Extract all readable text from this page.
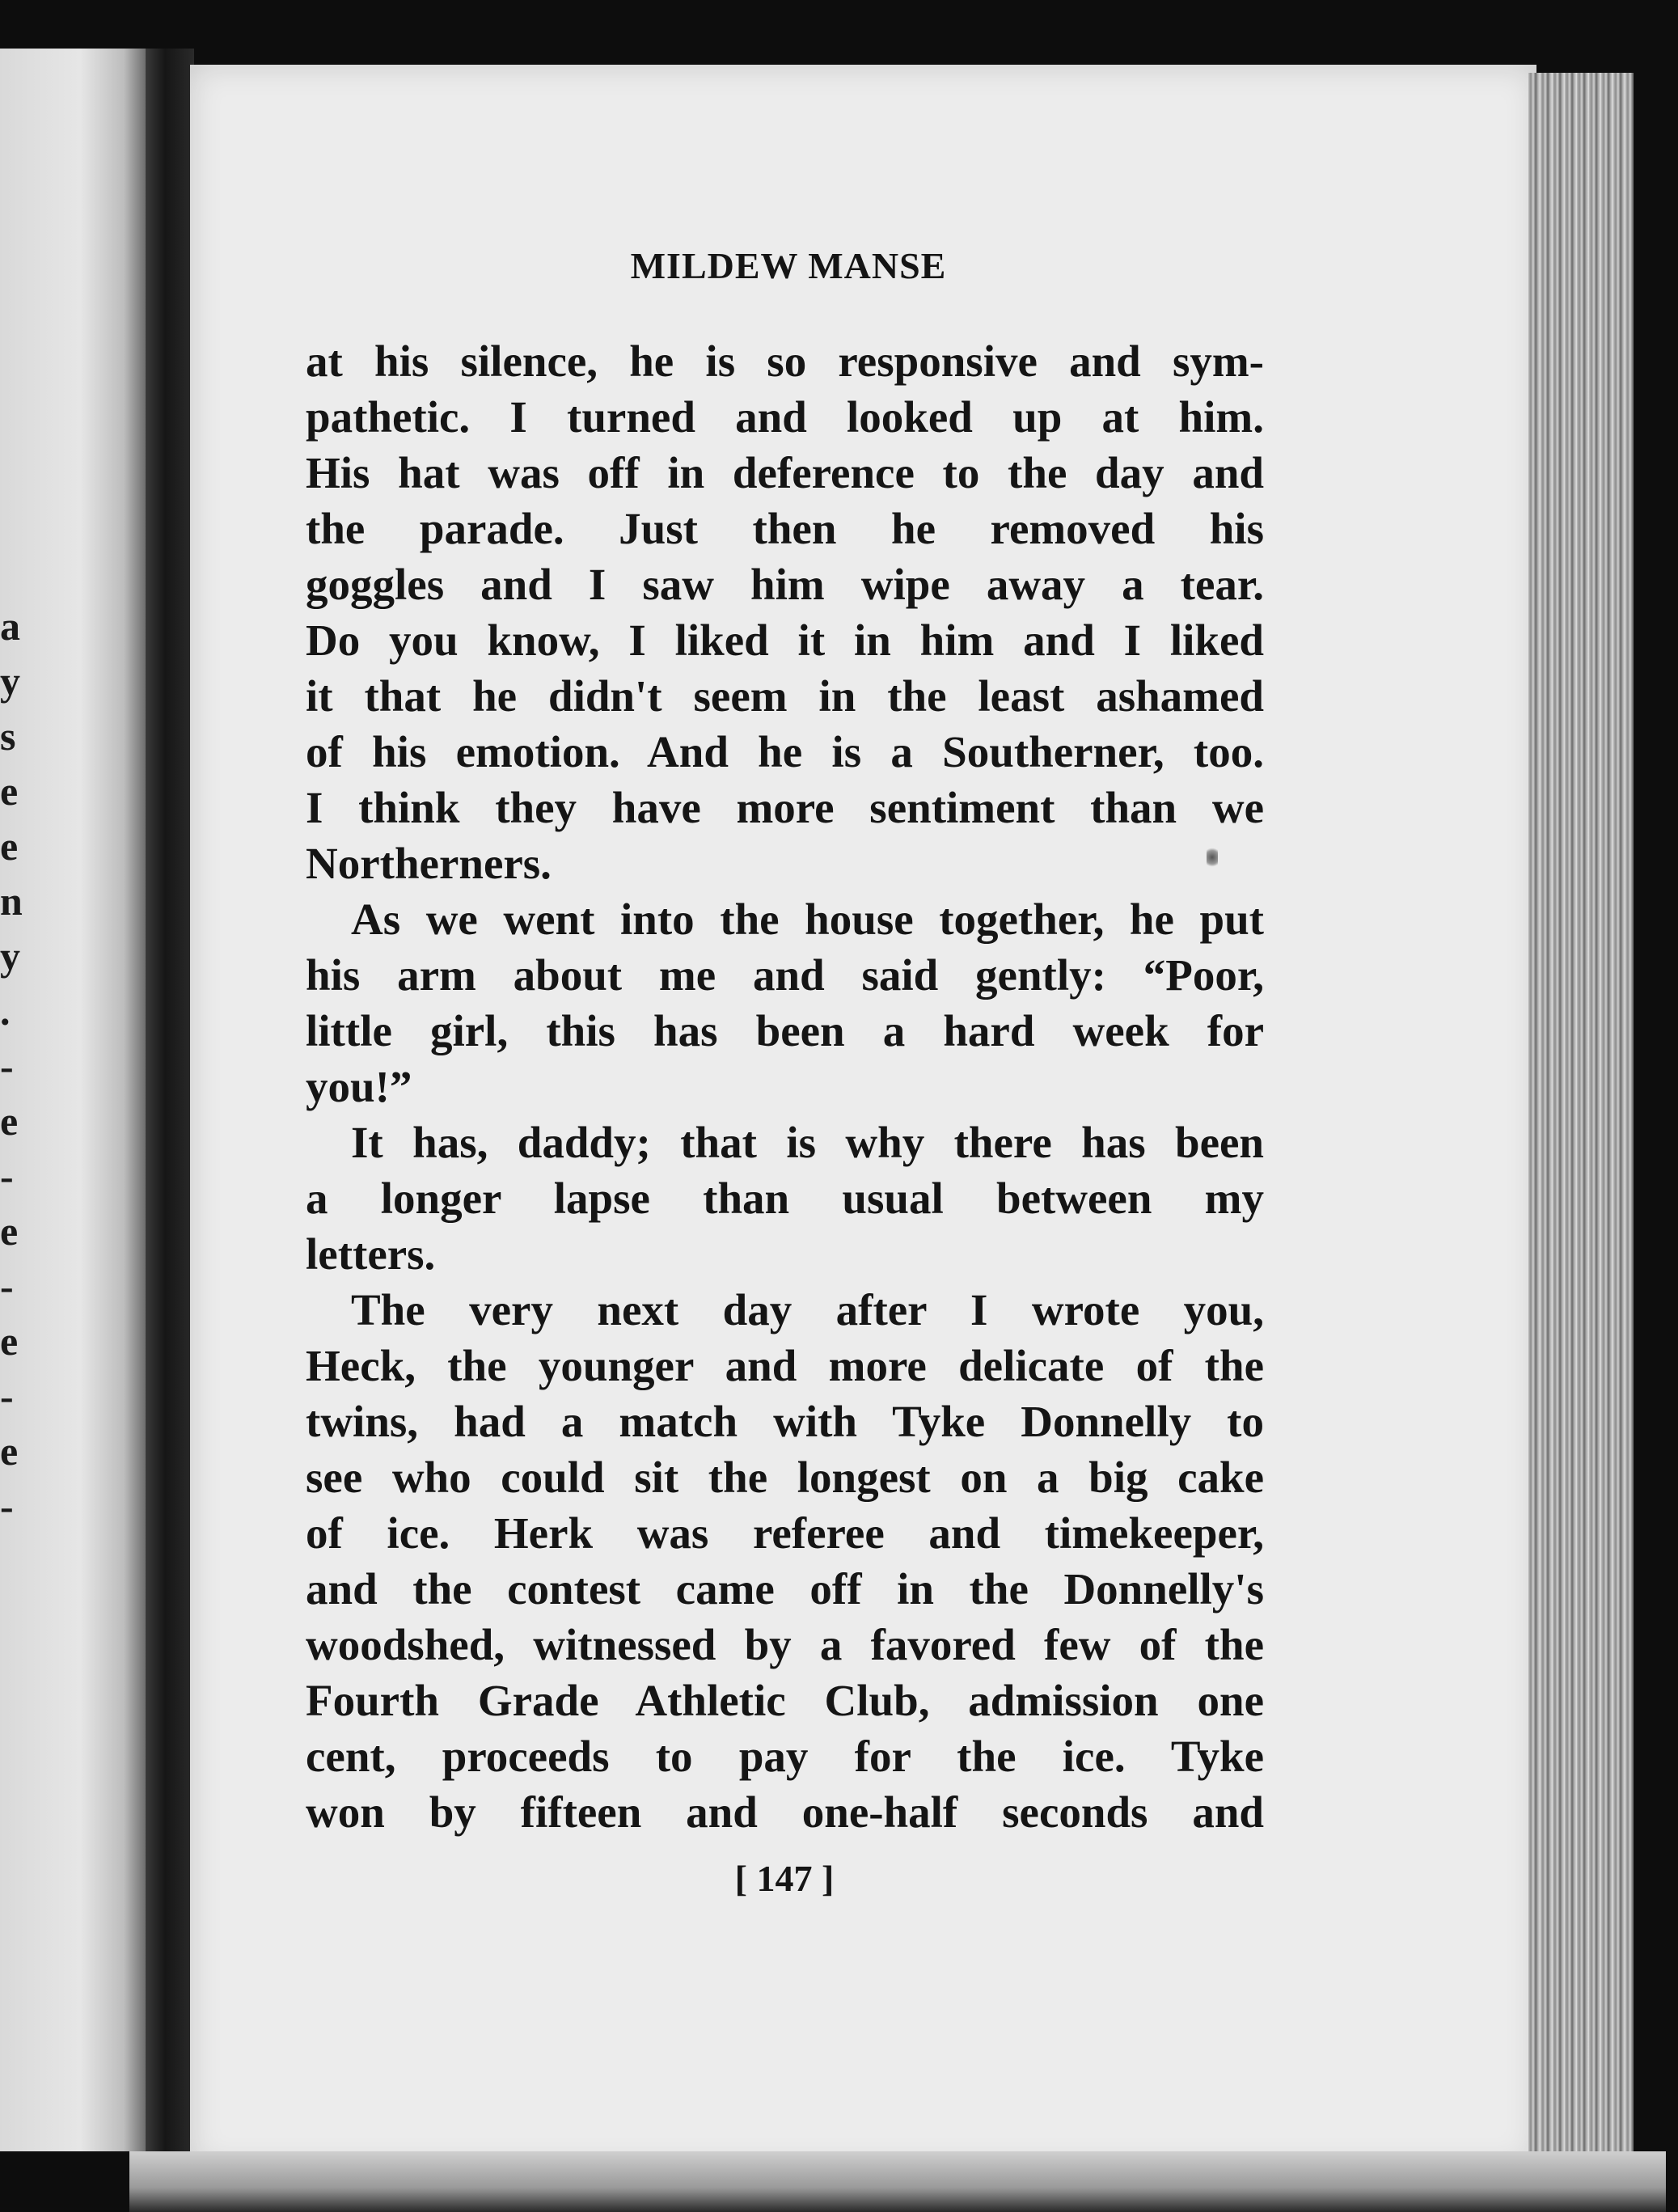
a
y
s
e
e
n
y
.
-
e
-
e
-
e
-
e
-
MILDEW MANSE
at his silence, he is so responsive and sym-
pathetic. I turned and looked up at him.
His hat was off in deference to the day and
the parade. Just then he removed his
goggles and I saw him wipe away a tear.
Do you know, I liked it in him and I liked
it that he didn't seem in the least ashamed
of his emotion. And he is a Southerner, too.
I think they have more sentiment than we
Northerners.
As we went into the house together, he put
his arm about me and said gently: “Poor,
little girl, this has been a hard week for
you!”
It has, daddy; that is why there has been
a longer lapse than usual between my
letters.
The very next day after I wrote you,
Heck, the younger and more delicate of the
twins, had a match with Tyke Donnelly to
see who could sit the longest on a big cake
of ice. Herk was referee and timekeeper,
and the contest came off in the Donnelly's
woodshed, witnessed by a favored few of the
Fourth Grade Athletic Club, admission one
cent, proceeds to pay for the ice. Tyke
won by fifteen and one-half seconds and
[ 147 ]
